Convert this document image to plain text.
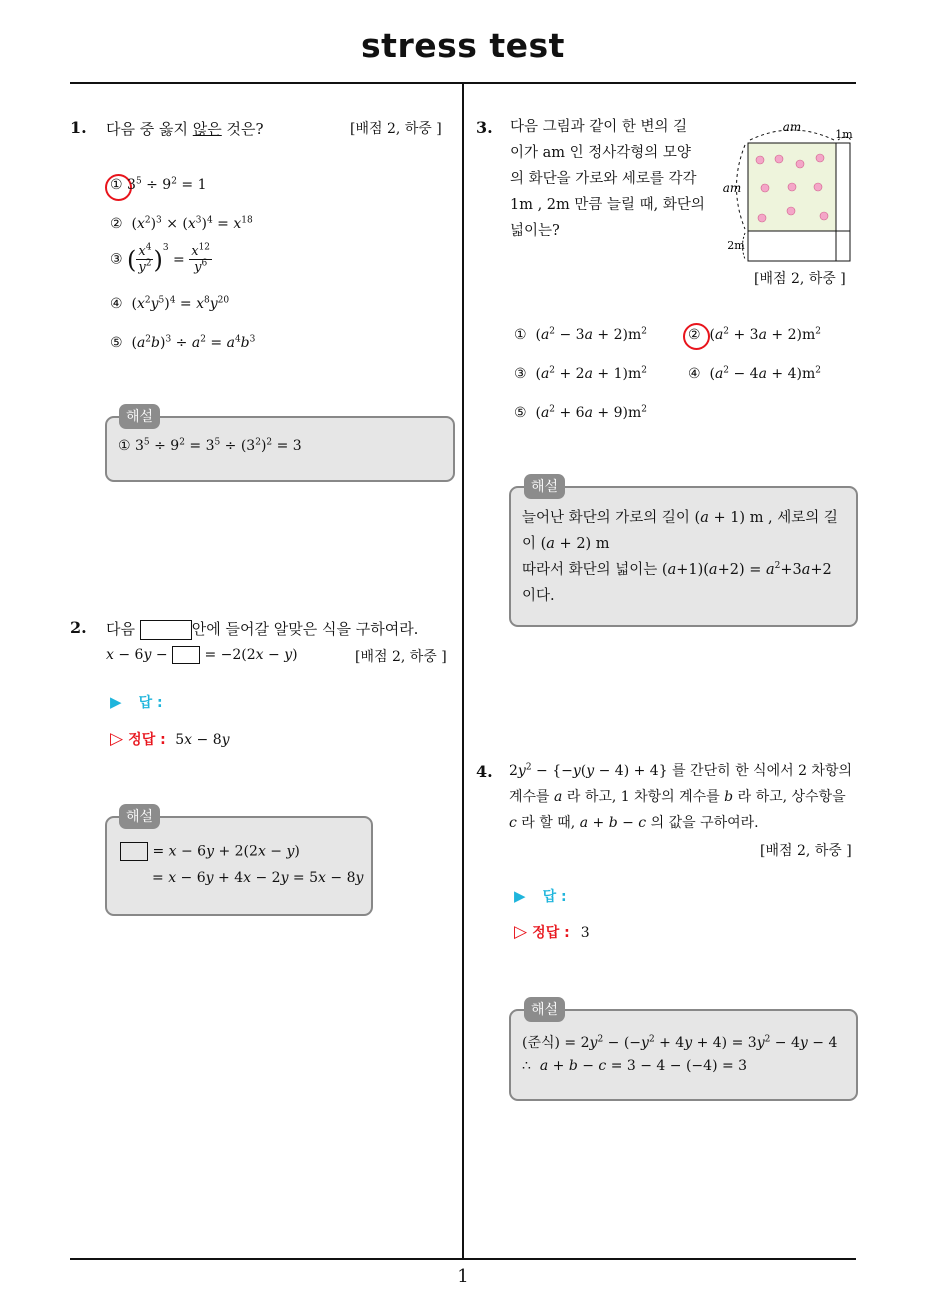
stress test
1
1. 다음 중 옳지 않은 것은?	[배점 2, 하중 ]
① $3^5 \div 9^2 = 1$
②  $(x^2)^3 \times (x^3)^4 = x^{18}$
③ ( $\frac{x^4}{y^2} )^3 = \frac{x^{12}}{y^6}$
④  $(x^2y^5)^4 = x^8y^{20}$
⑤  $(a^2b)^3 \div a^2 = a^4b^3$
해설
① $3^5 \div 9^2 = 3^5 \div (3^2)^2 = 3$
2. 다음	안에 들어갈 알맞은 식을 구하여라.
x − 6y −  = −2(2x − y)	[배점 2, 하중 ]
▶ 답 :
▷ 정답 :  5x − 8y
해설
= x − 6y + 2(2x − y)
= x − 6y + 4x − 2y = 5x − 8y
3. 다음 그림과 같이 한 변의 길
이가 am 인 정사각형의 모양
의 화단을 가로와 세로를 각각
1m , 2m 만큼 늘릴 때, 화단의
넓이는?
am
1m
am
2m
[배점 2, 하중 ]
①  $(a^2 - 3a + 2)m^2$	②  $(a^2 + 3a + 2)m^2$
③  $(a^2 + 2a + 1)m^2$	④  $(a^2 - 4a + 4)m^2$
⑤  $(a^2 + 6a + 9)m^2$
해설
늘어난 화단의 가로의 길이 (a + 1) m , 세로의 길
이 (a + 2) m
따라서 화단의 넓이는 $(a+1)(a+2) = a^2+3a+2$
이다.
4. $2y^2 - \{-y(y - 4) + 4\}$ 를 간단히 한 식에서 2 차항의
계수를 a 라 하고, 1 차항의 계수를 b 라 하고, 상수항을
c 라 할 때, a + b − c 의 값을 구하여라.
[배점 2, 하중 ]
▶ 답 :
▷ 정답 : 3
해설
(준식) = $2y^2 - (-y^2 + 4y + 4) = 3y^2 - 4y - 4$
∴  a + b − c = 3 − 4 − (−4) = 3
